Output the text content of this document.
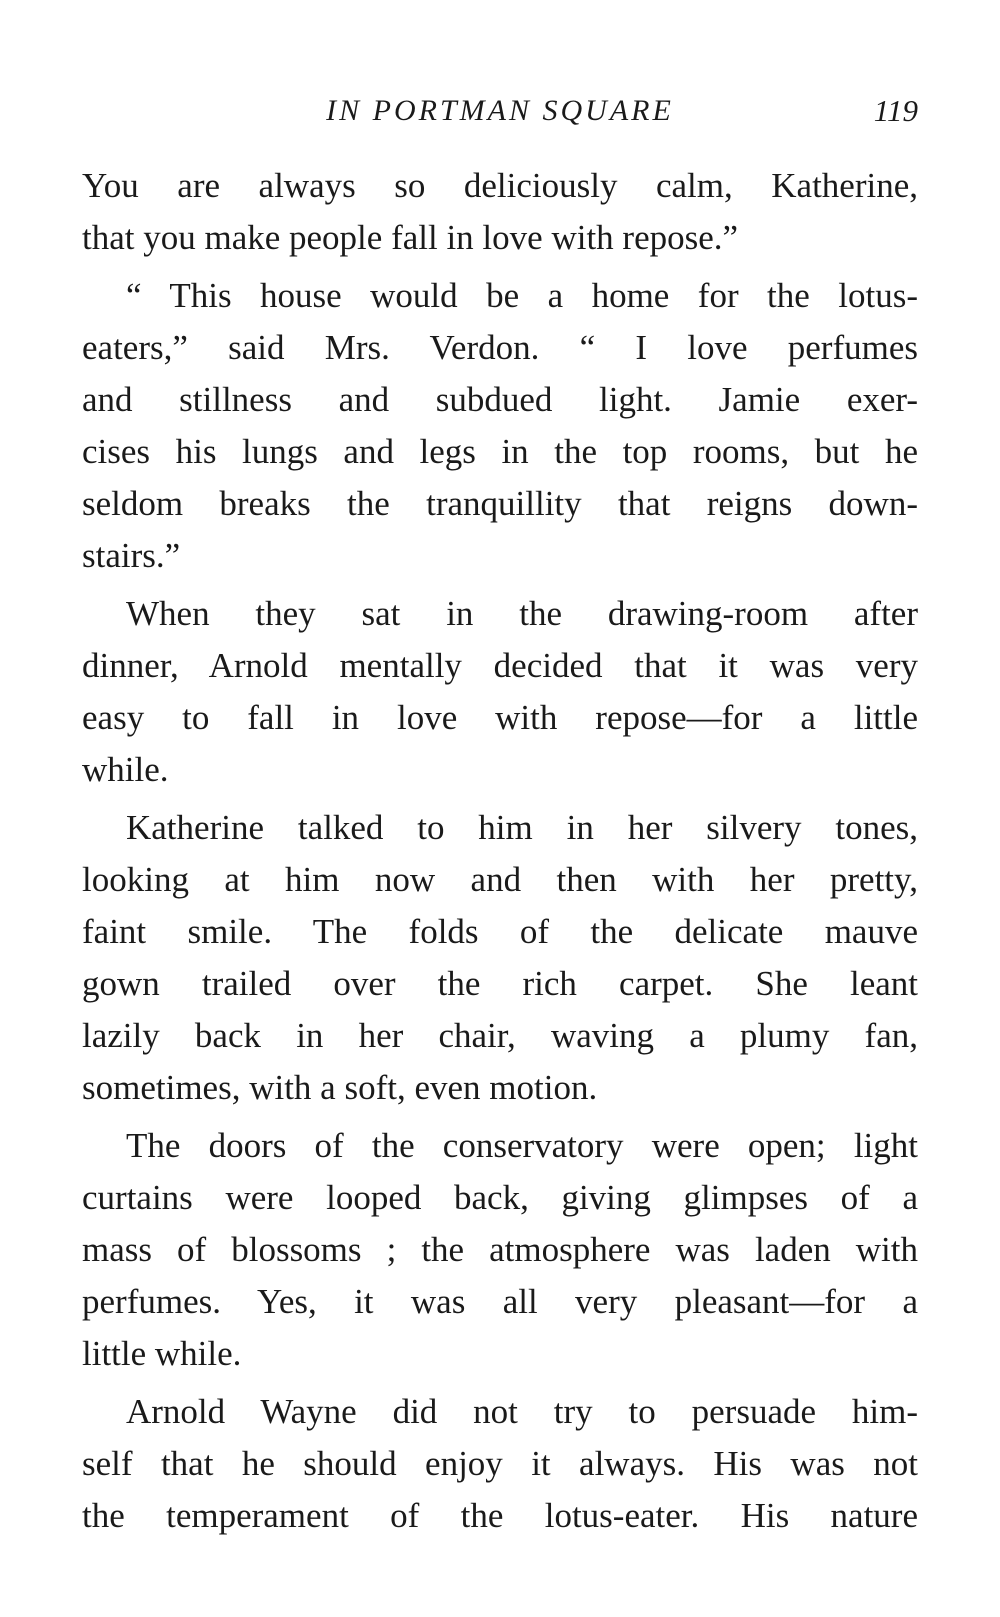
IN PORTMAN SQUARE	119
You are always so deliciously calm, Katherine,
that you make people fall in love with repose.”
“ This house would be a home for the lotus-
eaters,” said Mrs. Verdon. “ I love perfumes
and stillness and subdued light. Jamie exer-
cises his lungs and legs in the top rooms, but he
seldom breaks the tranquillity that reigns down-
stairs.”
When they sat in the drawing-room after
dinner, Arnold mentally decided that it was very
easy to fall in love with repose—for a little
while.
Katherine talked to him in her silvery tones,
looking at him now and then with her pretty,
faint smile. The folds of the delicate mauve
gown trailed over the rich carpet. She leant
lazily back in her chair, waving a plumy fan,
sometimes, with a soft, even motion.
The doors of the conservatory were open; light
curtains were looped back, giving glimpses of a
mass of blossoms ; the atmosphere was laden with
perfumes. Yes, it was all very pleasant—for a
little while.
Arnold Wayne did not try to persuade him-
self that he should enjoy it always. His was not
the temperament of the lotus-eater. His nature
